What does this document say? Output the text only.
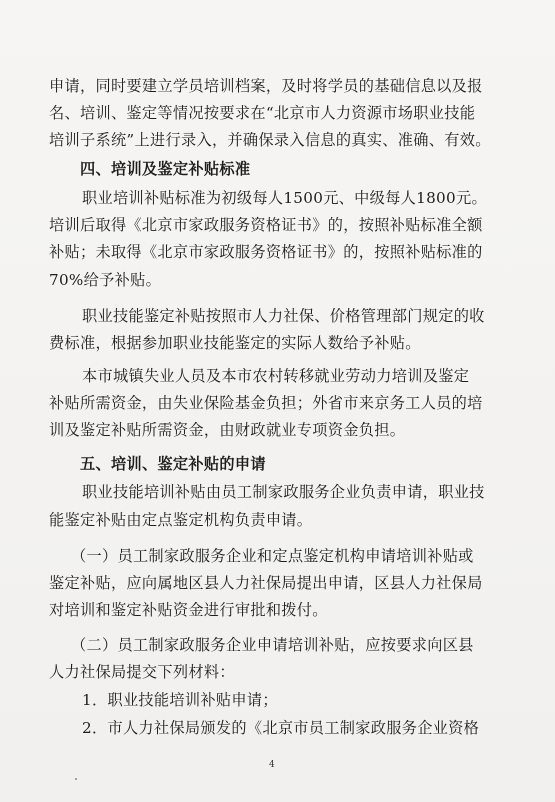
申请，同时要建立学员培训档案，及时将学员的基础信息以及报
名、培训、鉴定等情况按要求在“北京市人力资源市场职业技能
培训子系统”上进行录入，并确保录入信息的真实、准确、有效。
四、培训及鉴定补贴标准
职业培训补贴标准为初级每人1500元、中级每人1800元。
培训后取得《北京市家政服务资格证书》的，按照补贴标准全额
补贴；未取得《北京市家政服务资格证书》的，按照补贴标准的
70%给予补贴。
职业技能鉴定补贴按照市人力社保、价格管理部门规定的收
费标准，根据参加职业技能鉴定的实际人数给予补贴。
本市城镇失业人员及本市农村转移就业劳动力培训及鉴定
补贴所需资金，由失业保险基金负担；外省市来京务工人员的培
训及鉴定补贴所需资金，由财政就业专项资金负担。
五、培训、鉴定补贴的申请
职业技能培训补贴由员工制家政服务企业负责申请，职业技
能鉴定补贴由定点鉴定机构负责申请。
（一）员工制家政服务企业和定点鉴定机构申请培训补贴或
鉴定补贴，应向属地区县人力社保局提出申请，区县人力社保局
对培训和鉴定补贴资金进行审批和拨付。
（二）员工制家政服务企业申请培训补贴，应按要求向区县
人力社保局提交下列材料：
1．职业技能培训补贴申请；
2．市人力社保局颁发的《北京市员工制家政服务企业资格
4
